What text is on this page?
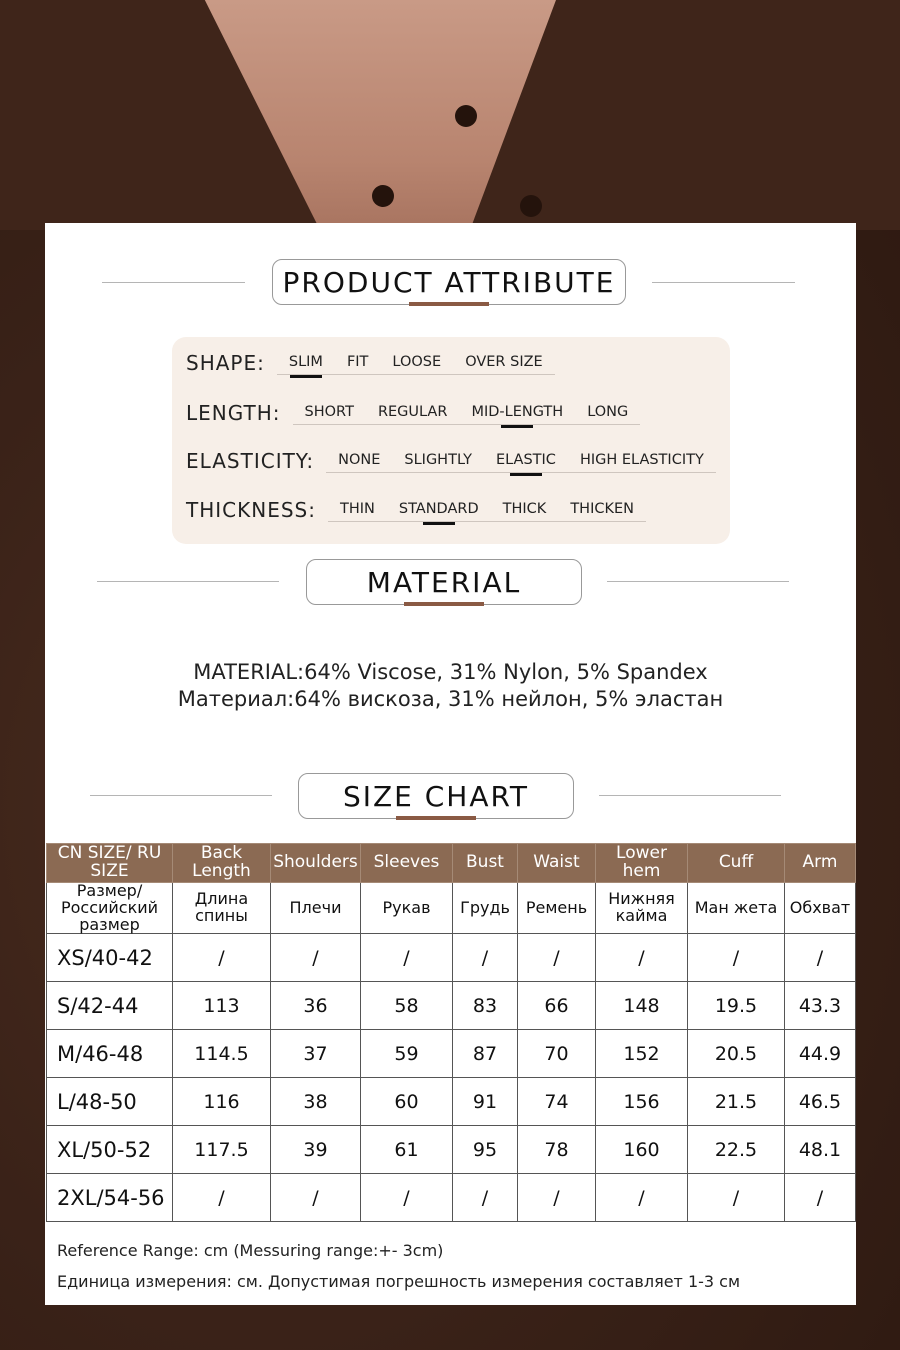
PRODUCT ATTRIBUTE
SHAPE: SLIM FIT LOOSE OVER SIZE
LENGTH: SHORT REGULAR MID-LENGTH LONG
ELASTICITY: NONE SLIGHTLY ELASTIC HIGH ELASTICITY
THICKNESS: THIN STANDARD THICK THICKEN
MATERIAL
MATERIAL:64% Viscose, 31% Nylon, 5% Spandex
Материал:64% вискоза, 31% нейлон, 5% эластан
SIZE CHART
CN SIZE/ RU SIZE	Back Length	Shoulders	Sleeves	Bust	Waist	Lower hem	Cuff	Arm
Размер/ Российский размер	Длина спины	Плечи	Рукав	Грудь	Ремень	Нижняя кайма	Ман жета	Обхват
XS/40-42	/	/	/	/	/	/	/	/
S/42-44	113	36	58	83	66	148	19.5	43.3
M/46-48	114.5	37	59	87	70	152	20.5	44.9
L/48-50	116	38	60	91	74	156	21.5	46.5
XL/50-52	117.5	39	61	95	78	160	22.5	48.1
2XL/54-56	/	/	/	/	/	/	/	/
Reference Range: cm (Messuring range:+- 3cm)
Единица измерения: см. Допустимая погрешность измерения составляет 1-3 см
